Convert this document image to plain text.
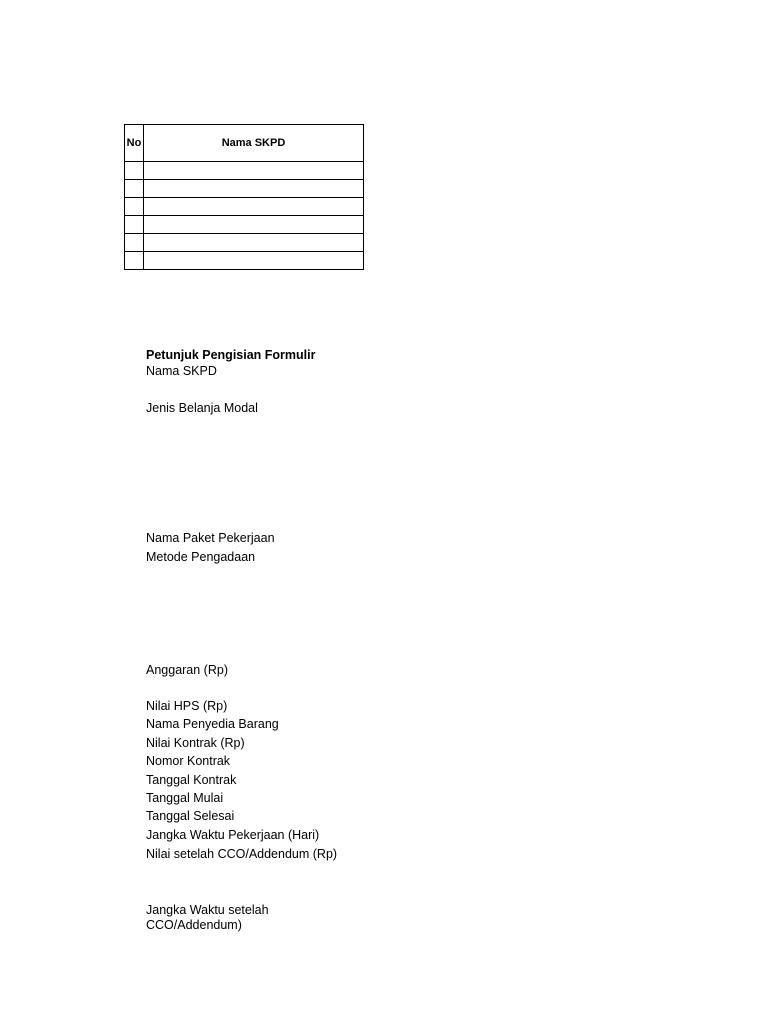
No	Nama SKPD

Petunjuk Pengisian Formulir
Nama SKPD
Jenis Belanja Modal
Nama Paket Pekerjaan
Metode Pengadaan
Anggaran (Rp)
Nilai HPS (Rp)
Nama Penyedia Barang
Nilai Kontrak (Rp)
Nomor Kontrak
Tanggal Kontrak
Tanggal Mulai
Tanggal Selesai
Jangka Waktu Pekerjaan (Hari)
Nilai setelah CCO/Addendum (Rp)
Jangka Waktu setelah CCO/Addendum)
